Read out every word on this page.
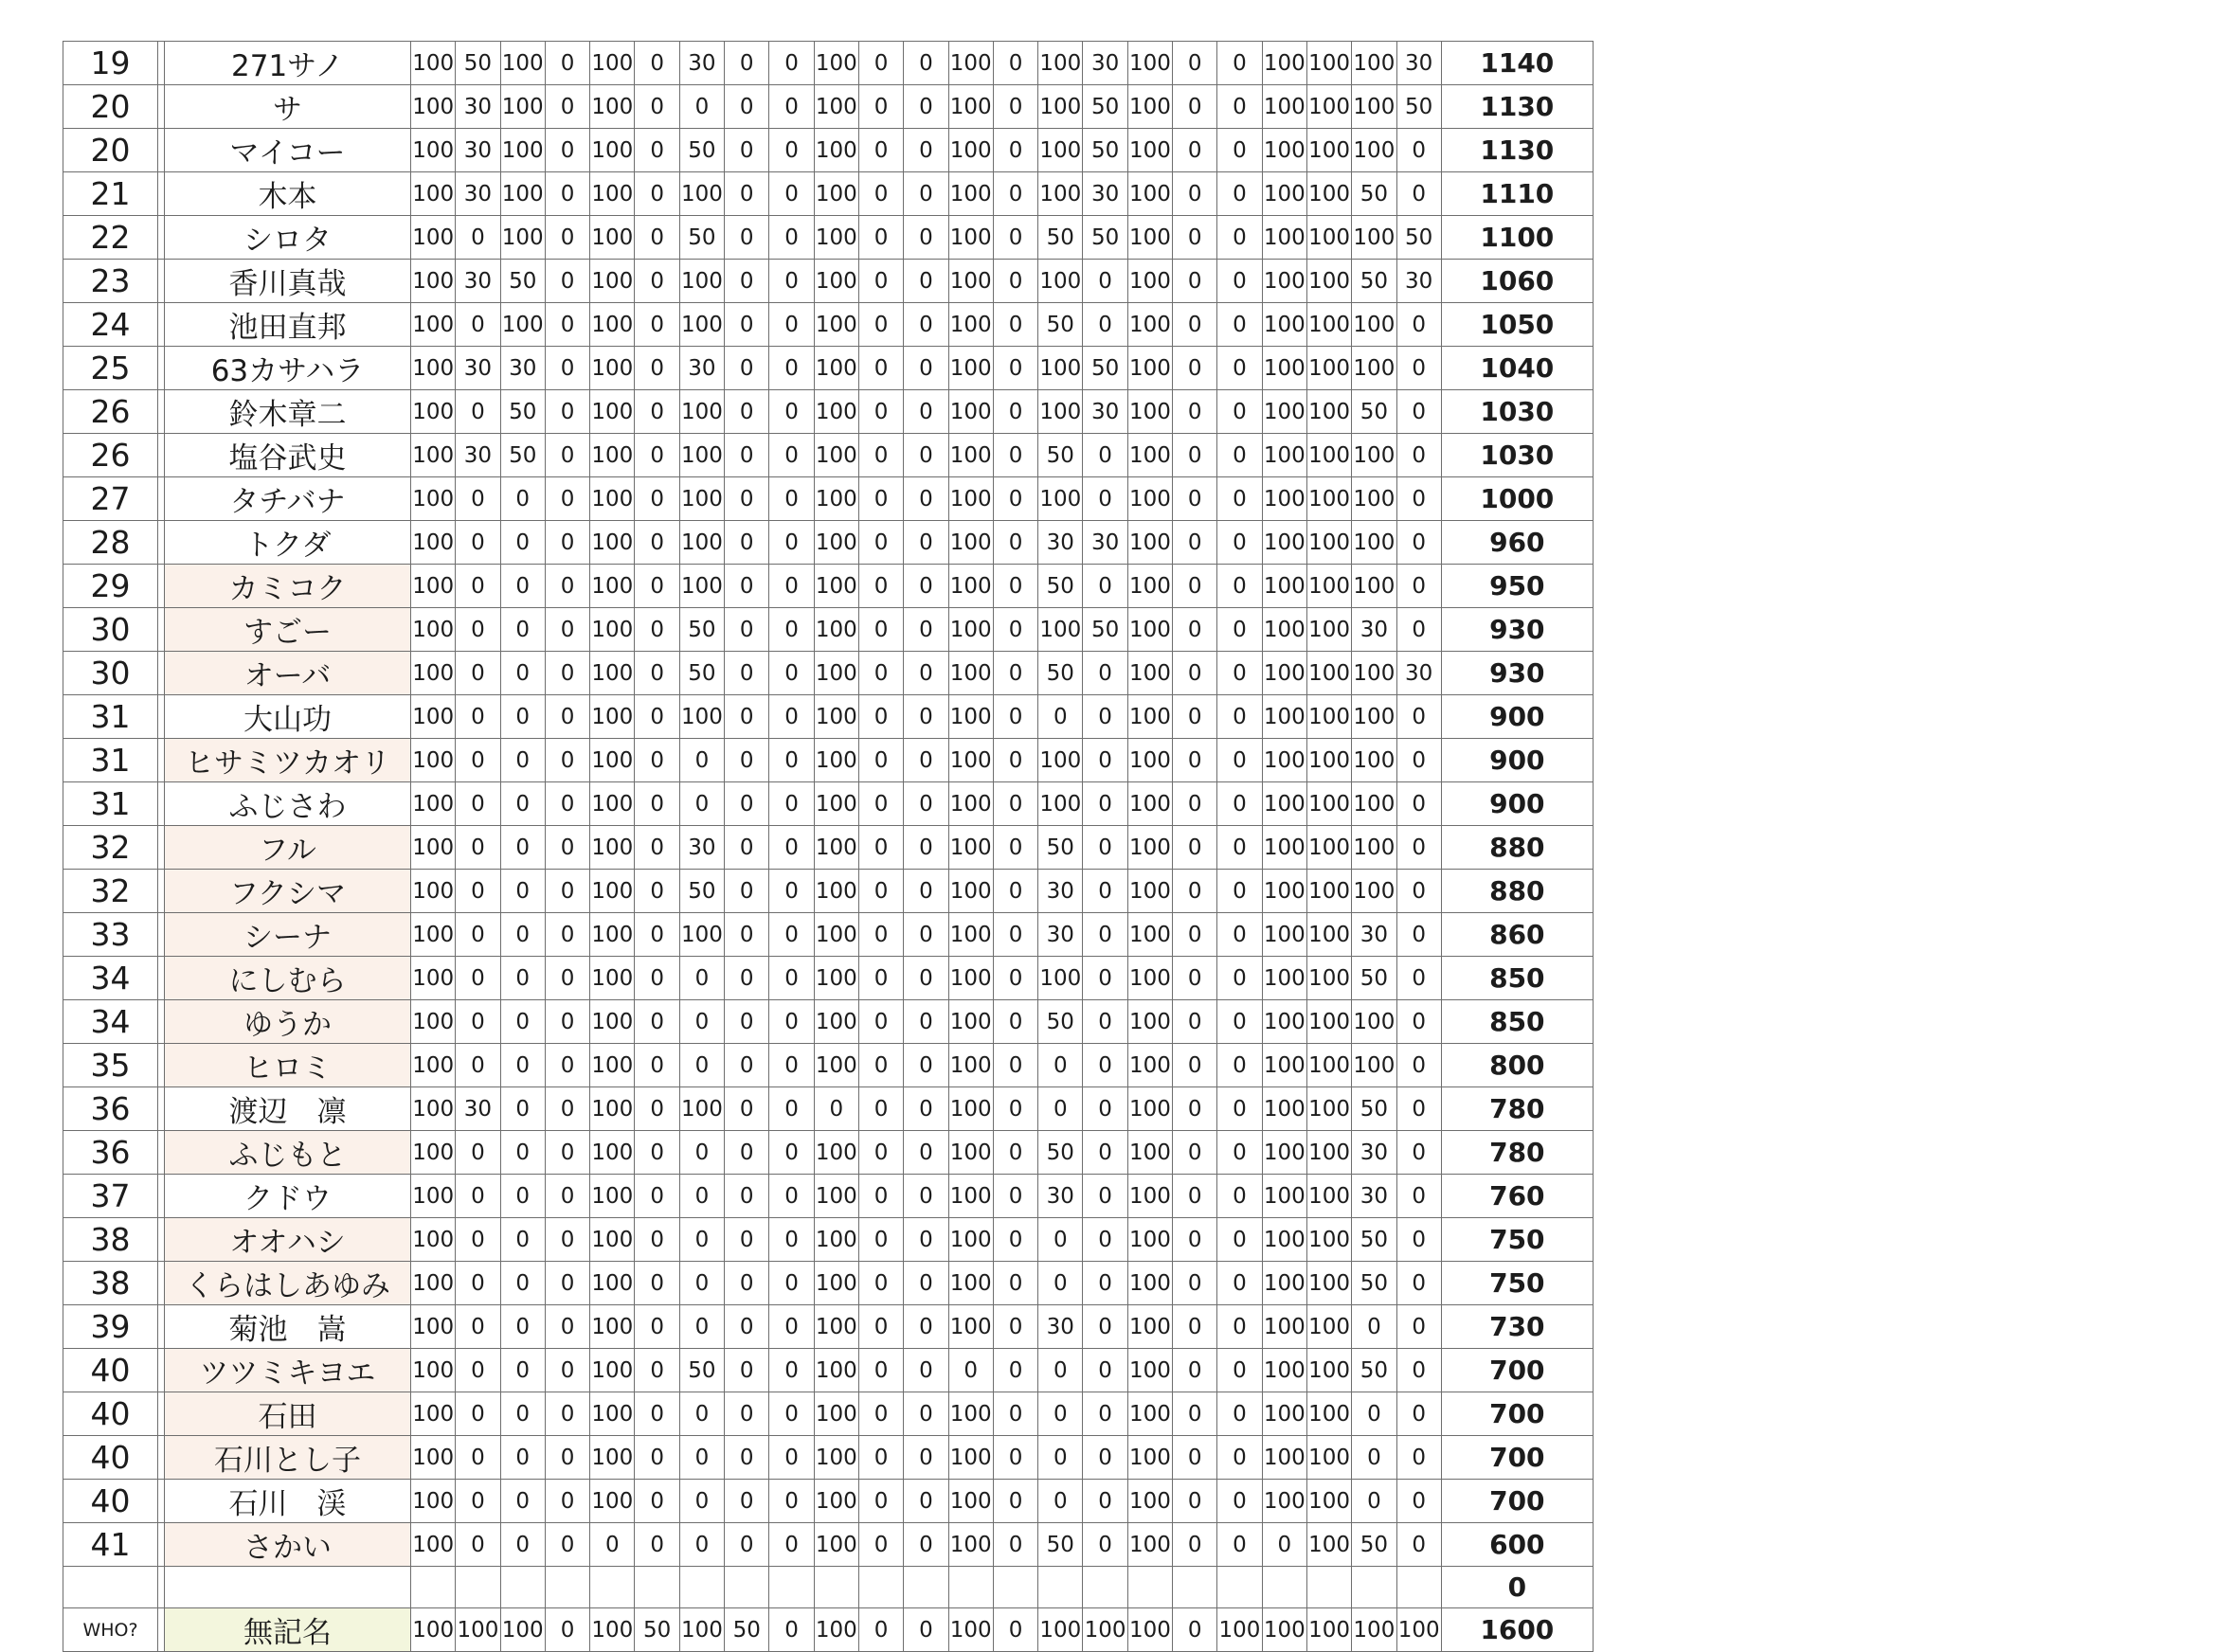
19		271サノ	100	50	100	0	100	0	30	0	0	100	0	0	100	0	100	30	100	0	0	100	100	100	30	1140
20		サ	100	30	100	0	100	0	0	0	0	100	0	0	100	0	100	50	100	0	0	100	100	100	50	1130
20		マイコー	100	30	100	0	100	0	50	0	0	100	0	0	100	0	100	50	100	0	0	100	100	100	0	1130
21		木本	100	30	100	0	100	0	100	0	0	100	0	0	100	0	100	30	100	0	0	100	100	50	0	1110
22		シロタ	100	0	100	0	100	0	50	0	0	100	0	0	100	0	50	50	100	0	0	100	100	100	50	1100
23		香川真哉	100	30	50	0	100	0	100	0	0	100	0	0	100	0	100	0	100	0	0	100	100	50	30	1060
24		池田直邦	100	0	100	0	100	0	100	0	0	100	0	0	100	0	50	0	100	0	0	100	100	100	0	1050
25		63カサハラ	100	30	30	0	100	0	30	0	0	100	0	0	100	0	100	50	100	0	0	100	100	100	0	1040
26		鈴木章二	100	0	50	0	100	0	100	0	0	100	0	0	100	0	100	30	100	0	0	100	100	50	0	1030
26		塩谷武史	100	30	50	0	100	0	100	0	0	100	0	0	100	0	50	0	100	0	0	100	100	100	0	1030
27		タチバナ	100	0	0	0	100	0	100	0	0	100	0	0	100	0	100	0	100	0	0	100	100	100	0	1000
28		トクダ	100	0	0	0	100	0	100	0	0	100	0	0	100	0	30	30	100	0	0	100	100	100	0	960
29		カミコク	100	0	0	0	100	0	100	0	0	100	0	0	100	0	50	0	100	0	0	100	100	100	0	950
30		すごー	100	0	0	0	100	0	50	0	0	100	0	0	100	0	100	50	100	0	0	100	100	30	0	930
30		オーバ	100	0	0	0	100	0	50	0	0	100	0	0	100	0	50	0	100	0	0	100	100	100	30	930
31		大山功	100	0	0	0	100	0	100	0	0	100	0	0	100	0	0	0	100	0	0	100	100	100	0	900
31		ヒサミツカオリ	100	0	0	0	100	0	0	0	0	100	0	0	100	0	100	0	100	0	0	100	100	100	0	900
31		ふじさわ	100	0	0	0	100	0	0	0	0	100	0	0	100	0	100	0	100	0	0	100	100	100	0	900
32		フル	100	0	0	0	100	0	30	0	0	100	0	0	100	0	50	0	100	0	0	100	100	100	0	880
32		フクシマ	100	0	0	0	100	0	50	0	0	100	0	0	100	0	30	0	100	0	0	100	100	100	0	880
33		シーナ	100	0	0	0	100	0	100	0	0	100	0	0	100	0	30	0	100	0	0	100	100	30	0	860
34		にしむら	100	0	0	0	100	0	0	0	0	100	0	0	100	0	100	0	100	0	0	100	100	50	0	850
34		ゆうか	100	0	0	0	100	0	0	0	0	100	0	0	100	0	50	0	100	0	0	100	100	100	0	850
35		ヒロミ	100	0	0	0	100	0	0	0	0	100	0	0	100	0	0	0	100	0	0	100	100	100	0	800
36		渡辺　凛	100	30	0	0	100	0	100	0	0	0	0	0	100	0	0	0	100	0	0	100	100	50	0	780
36		ふじもと	100	0	0	0	100	0	0	0	0	100	0	0	100	0	50	0	100	0	0	100	100	30	0	780
37		クドウ	100	0	0	0	100	0	0	0	0	100	0	0	100	0	30	0	100	0	0	100	100	30	0	760
38		オオハシ	100	0	0	0	100	0	0	0	0	100	0	0	100	0	0	0	100	0	0	100	100	50	0	750
38		くらはしあゆみ	100	0	0	0	100	0	0	0	0	100	0	0	100	0	0	0	100	0	0	100	100	50	0	750
39		菊池　嵩	100	0	0	0	100	0	0	0	0	100	0	0	100	0	30	0	100	0	0	100	100	0	0	730
40		ツツミキヨエ	100	0	0	0	100	0	50	0	0	100	0	0	0	0	0	0	100	0	0	100	100	50	0	700
40		石田	100	0	0	0	100	0	0	0	0	100	0	0	100	0	0	0	100	0	0	100	100	0	0	700
40		石川とし子	100	0	0	0	100	0	0	0	0	100	0	0	100	0	0	0	100	0	0	100	100	0	0	700
40		石川　渓	100	0	0	0	100	0	0	0	0	100	0	0	100	0	0	0	100	0	0	100	100	0	0	700
41		さかい	100	0	0	0	0	0	0	0	0	100	0	0	100	0	50	0	100	0	0	0	100	50	0	600
																										0
WHO?		無記名	100	100	100	0	100	50	100	50	0	100	0	0	100	0	100	100	100	0	100	100	100	100	100	1600
